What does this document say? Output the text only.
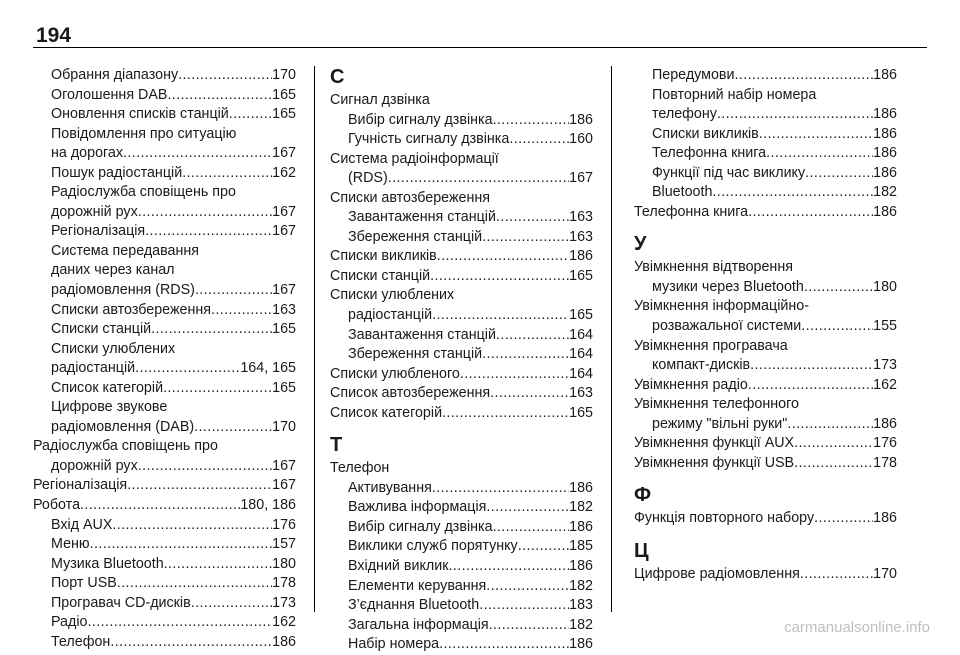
194
Обрання діапазону .....	170
Оголошення DAB .....	165
Оновлення списків станцій .....	165
Повідомлення про ситуацію
на дорогах .....	167
Пошук радіостанцій .....	162
Радіослужба сповіщень про
дорожній рух .....	167
Регіоналізація .....	167
Система передавання
даних через канал
радіомовлення (RDS) .....	167
Списки автозбереження .....	163
Списки станцій .....	165
Списки улюблених
радіостанцій .....	164, 165
Список категорій .....	165
Цифрове звукове
радіомовлення (DAB) .....	170
Радіослужба сповіщень про
дорожній рух .....	167
Регіоналізація .....	167
Робота .....	180, 186
Вхід AUX .....	176
Меню .....	157
Музика Bluetooth .....	180
Порт USB .....	178
Програвач CD-дисків .....	173
Радіо .....	162
Телефон .....	186
С
Сигнал дзвінка
Вибір сигналу дзвінка .....	186
Гучність сигналу дзвінка .....	160
Система радіоінформації
(RDS) .....	167
Списки автозбереження
Завантаження станцій .....	163
Збереження станцій .....	163
Списки викликів .....	186
Списки станцій .....	165
Списки улюблених
радіостанцій .....	165
Завантаження станцій .....	164
Збереження станцій .....	164
Списки улюбленого .....	164
Список автозбереження .....	163
Список категорій .....	165
Т
Телефон
Активування .....	186
Важлива інформація .....	182
Вибір сигналу дзвінка .....	186
Виклики служб порятунку .....	185
Вхідний виклик .....	186
Елементи керування .....	182
З’єднання Bluetooth .....	183
Загальна інформація .....	182
Набір номера .....	186
Передумови .....	186
Повторний набір номера
телефону .....	186
Списки викликів .....	186
Телефонна книга .....	186
Функції під час виклику .....	186
Bluetooth .....	182
Телефонна книга .....	186
У
Увімкнення відтворення
музики через Bluetooth .....	180
Увімкнення інформаційно-
розважальної системи .....	155
Увімкнення програвача
компакт-дисків .....	173
Увімкнення радіо .....	162
Увімкнення телефонного
режиму "вільні руки" .....	186
Увімкнення функції AUX .....	176
Увімкнення функції USB .....	178
Ф
Функція повторного набору .....	186
Ц
Цифрове радіомовлення .....	170
carmanualsonline.info
